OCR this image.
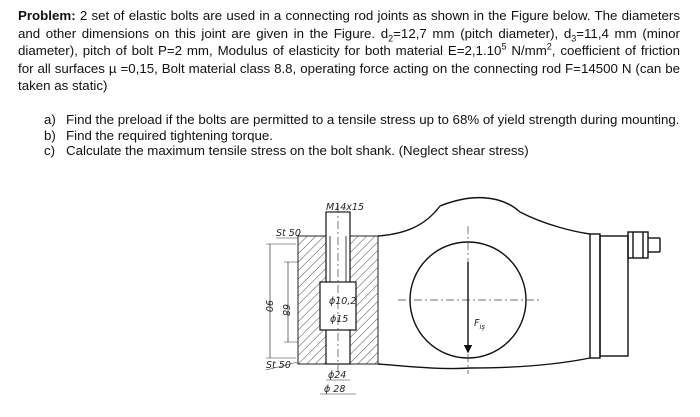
Problem: 2 set of elastic bolts are used in a connecting rod joints as shown in the Figure below. The diameters and other dimensions on this joint are given in the Figure. $d_2=12,7$ mm (pitch diameter), $d_3=11,4$ mm (minor diameter), pitch of bolt P=2 mm, Modulus of elasticity for both material $E=2,1.10^5$ $N/mm^2$, coefficient of friction for all surfaces µ =0,15, Bolt material class 8.8, operating force acting on the connecting rod F=14500 N (can be taken as static)
a) Find the preload if the bolts are permitted to a tensile stress up to 68% of yield strength during mounting.
b) Find the required tightening torque.
c) Calculate the maximum tensile stress on the bolt shank. (Neglect shear stress)
$F_{iş}$
M14x15
St 50
St 50
90 68
ϕ10,2
ϕ15
ϕ24
ϕ 28
